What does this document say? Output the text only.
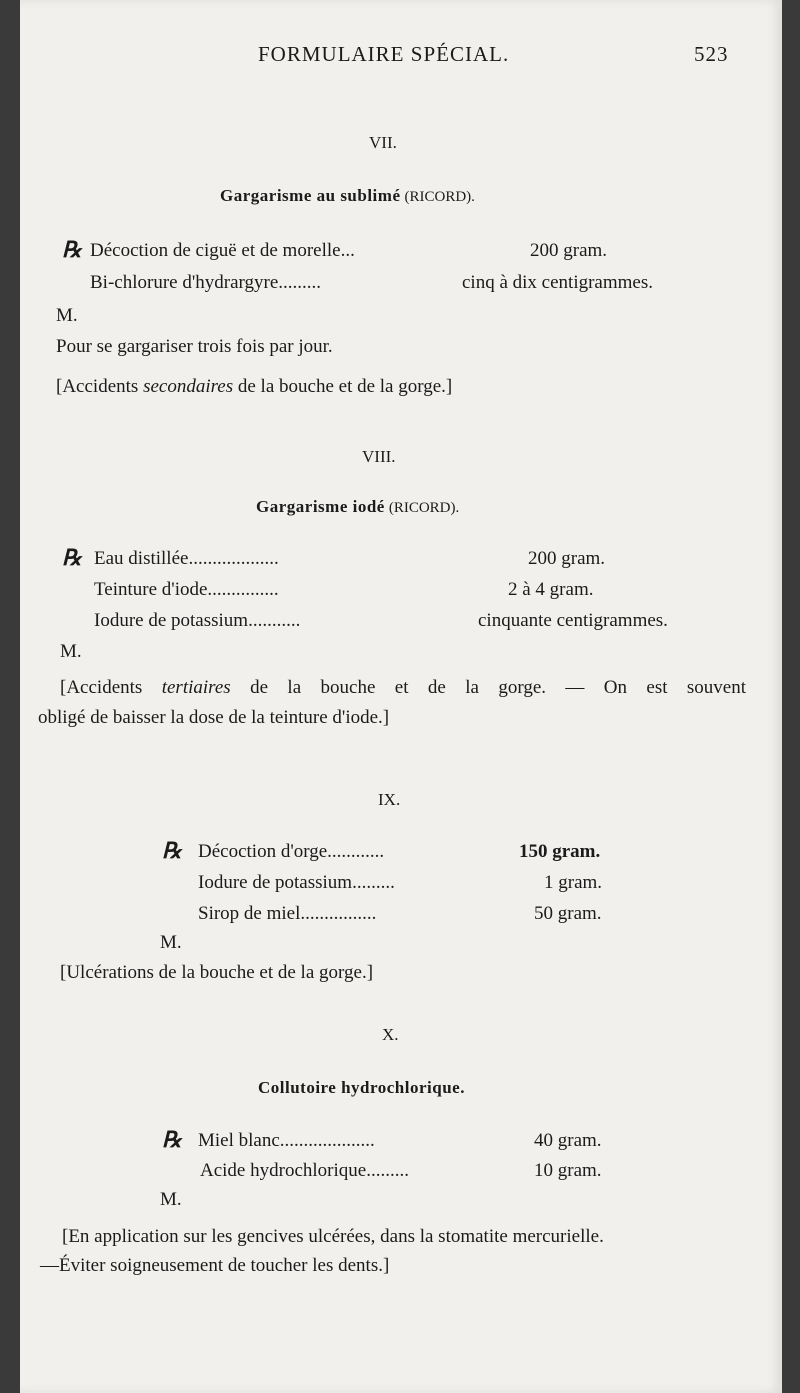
FORMULAIRE SPÉCIAL.	523
VII.
Gargarisme au sublimé (RICORD).
℞ Décoction de ciguë et de morelle...	200 gram.
Bi-chlorure d'hydrargyre.........	cinq à dix centigrammes.
M.
Pour se gargariser trois fois par jour.
[Accidents secondaires de la bouche et de la gorge.]
VIII.
Gargarisme iodé (RICORD).
℞ Eau distillée...................	200 gram.
Teinture d'iode...............	2 à 4 gram.
Iodure de potassium...........	cinquante centigrammes.
M.
[Accidents tertiaires de la bouche et de la gorge. — On est souvent
obligé de baisser la dose de la teinture d'iode.]
IX.
℞ Décoction d'orge............	150 gram.
Iodure de potassium.........	1 gram.
Sirop de miel................	50 gram.
M.
[Ulcérations de la bouche et de la gorge.]
X.
Collutoire hydrochlorique.
℞ Miel blanc....................	40 gram.
Acide hydrochlorique.........	10 gram.
M.
[En application sur les gencives ulcérées, dans la stomatite mercurielle.
—Éviter soigneusement de toucher les dents.]
